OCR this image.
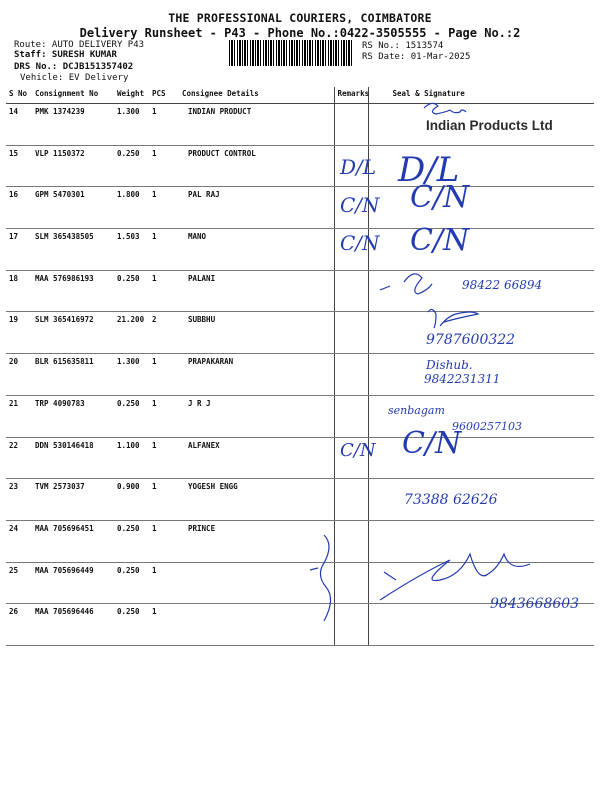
THE PROFESSIONAL COURIERS, COIMBATORE
Delivery Runsheet - P43 - Phone No.:0422-3505555 - Page No.:2
Route: AUTO DELIVERY P43
Staff: SURESH KUMAR
DRS No.: DCJB151357402
Vehicle: EV Delivery
RS No.: 1513574
RS Date: 01-Mar-2025
S No	Consignment No	Weight	PCS	Consignee Details	Remarks	Seal & Signature
14	PMK 1374239	1.300	1	INDIAN PRODUCT		
15	VLP 1150372	0.250	1	PRODUCT CONTROL		
16	GPM 5470301	1.800	1	PAL RAJ		
17	SLM 365438505	1.503	1	MANO		
18	MAA 576986193	0.250	1	PALANI		
19	SLM 365416972	21.200	2	SUBBHU		
20	BLR 615635811	1.300	1	PRAPAKARAN		
21	TRP 4090783	0.250	1	J R J		
22	DDN 530146418	1.100	1	ALFANEX		
23	TVM 2573037	0.900	1	YOGESH ENGG		
24	MAA 705696451	0.250	1	PRINCE		
25	MAA 705696449	0.250	1			
26	MAA 705696446	0.250	1			
Indian Products Ltd
D/L D/L
C/N C/N
C/N C/N
98422 66894
9787600322
Dishub.
9842231311
senbagam
C/N C/N
9600257103
73388 62626
9843668603
